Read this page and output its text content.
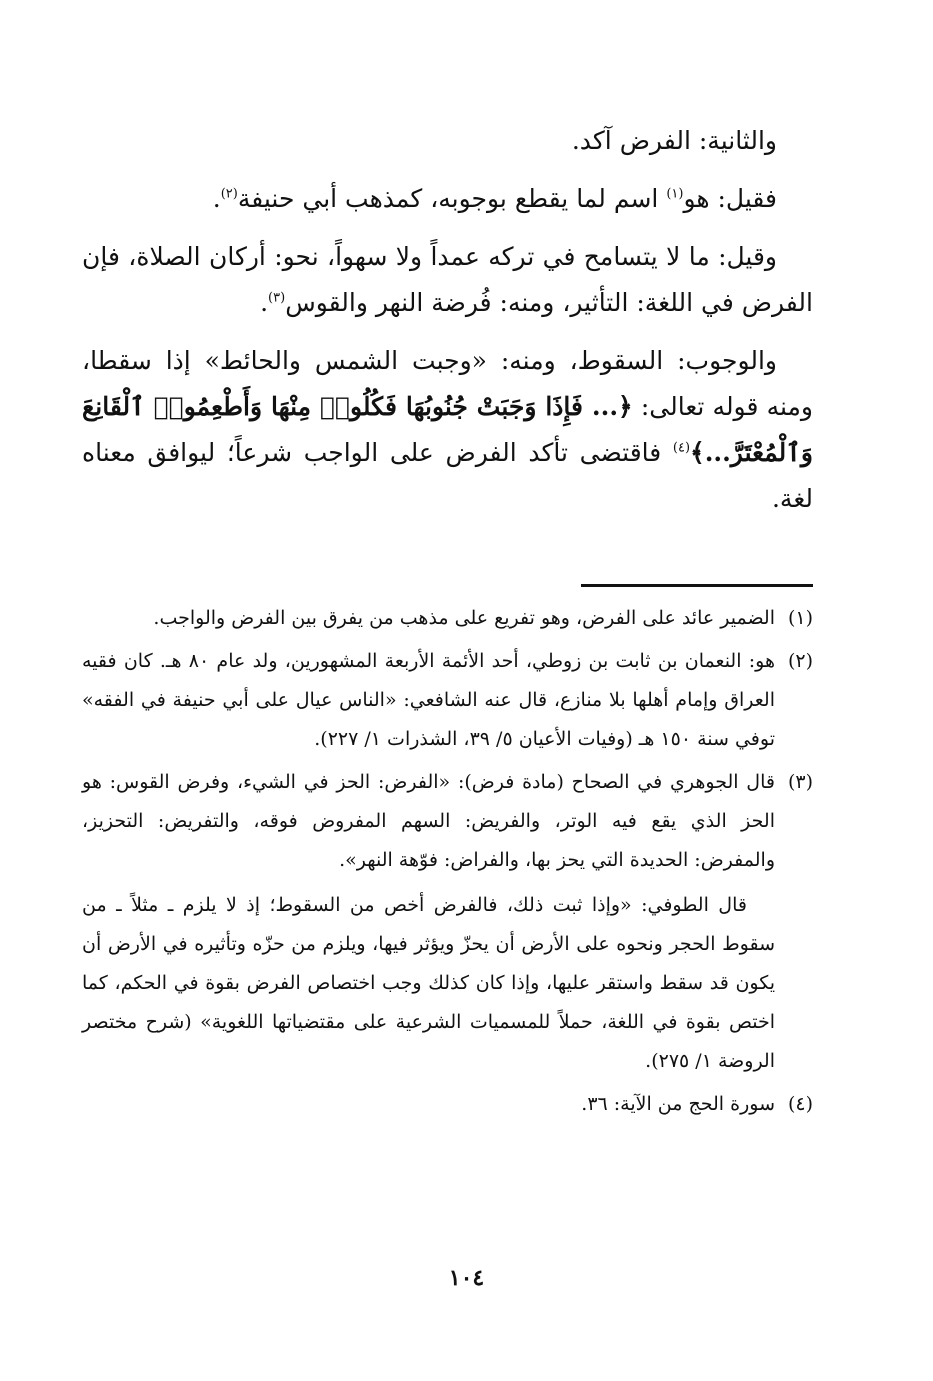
والثانية: الفرض آكد.

فقيل: هو$^{(١)}$ اسم لما يقطع بوجوبه، كمذهب أبي حنيفة$^{(٢)}$.

وقيل: ما لا يتسامح في تركه عمداً ولا سهواً، نحو: أركان الصلاة، فإن الفرض في اللغة: التأثير، ومنه: فُرضة النهر والقوس$^{(٣)}$.

والوجوب: السقوط، ومنه: «وجبت الشمس والحائط» إذا سقطا، ومنه قوله تعالى: ﴿... فَإِذَا وَجَبَتْ جُنُوبُهَا فَكُلُوا۟ مِنْهَا وَأَطْعِمُوا۟ ٱلْقَانِعَ وَٱلْمُعْتَرَّ...﴾$^{(٤)}$ فاقتضى تأكد الفرض على الواجب شرعاً؛ ليوافق معناه لغة.

(١)
الضمير عائد على الفرض، وهو تفريع على مذهب من يفرق بين الفرض والواجب.

(٢)
هو: النعمان بن ثابت بن زوطي، أحد الأئمة الأربعة المشهورين، ولد عام ٨٠ هـ. كان فقيه العراق وإمام أهلها بلا منازع، قال عنه الشافعي: «الناس عيال على أبي حنيفة في الفقه» توفي سنة ١٥٠ هـ (وفيات الأعيان ٥/ ٣٩، الشذرات ١/ ٢٢٧).

(٣)
قال الجوهري في الصحاح (مادة فرض): «الفرض: الحز في الشيء، وفرض القوس: هو الحز الذي يقع فيه الوتر، والفريض: السهم المفروض فوقه، والتفريض: التحزيز، والمفرض: الحديدة التي يحز بها، والفراض: فوّهة النهر».

قال الطوفي: «وإذا ثبت ذلك، فالفرض أخص من السقوط؛ إذ لا يلزم ـ مثلاً ـ من سقوط الحجر ونحوه على الأرض أن يحزّ ويؤثر فيها، ويلزم من حزّه وتأثيره في الأرض أن يكون قد سقط واستقر عليها، وإذا كان كذلك وجب اختصاص الفرض بقوة في الحكم، كما اختص بقوة في اللغة، حملاً للمسميات الشرعية على مقتضياتها اللغوية» (شرح مختصر الروضة ١/ ٢٧٥).

(٤)
سورة الحج من الآية: ٣٦.

١٠٤
